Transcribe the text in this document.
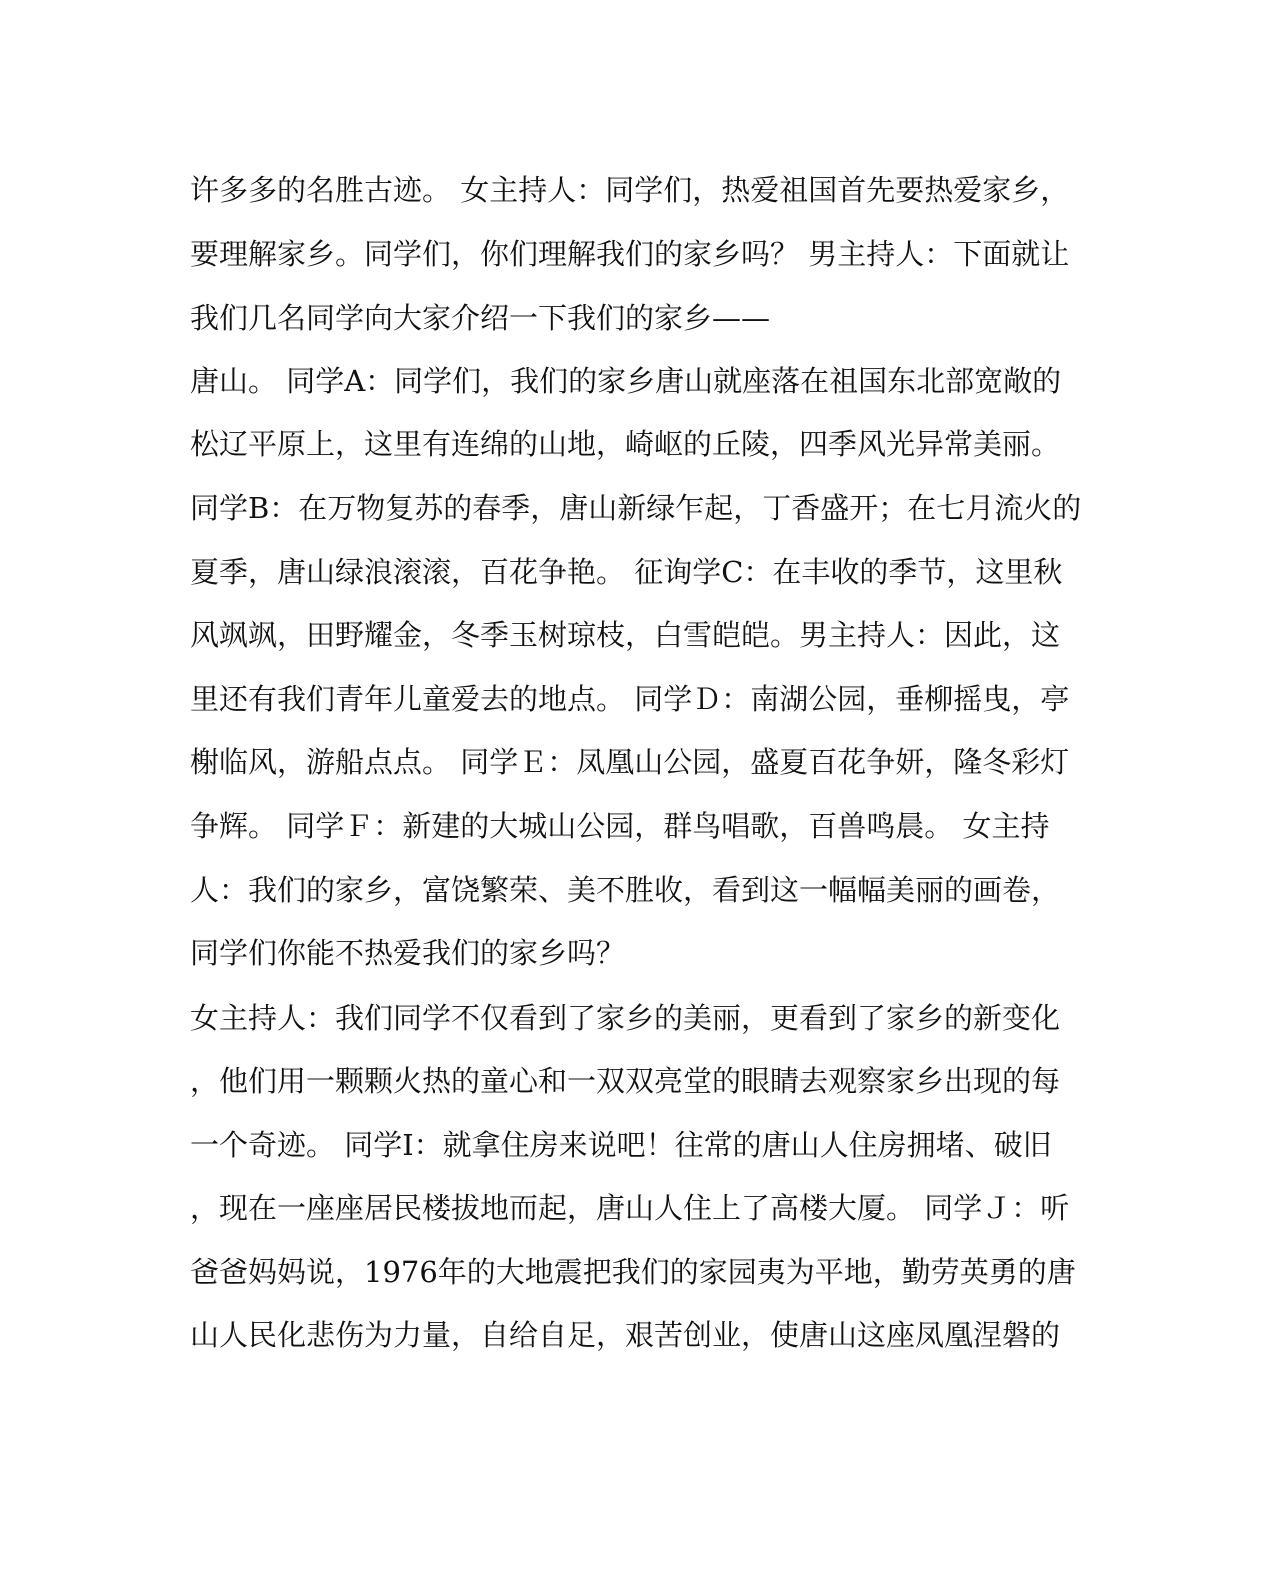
许多多的名胜古迹。 女主持人：同学们，热爱祖国首先要热爱家乡，
要理解家乡。同学们，你们理解我们的家乡吗？ 男主持人：下面就让
我们几名同学向大家介绍一下我们的家乡——
唐山。 同学A：同学们，我们的家乡唐山就座落在祖国东北部宽敞的
松辽平原上，这里有连绵的山地，崎岖的丘陵，四季风光异常美丽。
同学B：在万物复苏的春季，唐山新绿乍起，丁香盛开；在七月流火的
夏季，唐山绿浪滚滚，百花争艳。 征询学C：在丰收的季节，这里秋
风飒飒，田野耀金，冬季玉树琼枝，白雪皑皑。男主持人：因此，这
里还有我们青年儿童爱去的地点。 同学Ｄ：南湖公园，垂柳摇曳，亭
榭临风，游船点点。 同学Ｅ：凤凰山公园，盛夏百花争妍，隆冬彩灯
争辉。 同学Ｆ：新建的大城山公园，群鸟唱歌，百兽鸣晨。 女主持
人：我们的家乡，富饶繁荣、美不胜收，看到这一幅幅美丽的画卷，
同学们你能不热爱我们的家乡吗？
女主持人：我们同学不仅看到了家乡的美丽，更看到了家乡的新变化
，他们用一颗颗火热的童心和一双双亮堂的眼睛去观察家乡出现的每
一个奇迹。 同学I：就拿住房来说吧！往常的唐山人住房拥堵、破旧
，现在一座座居民楼拔地而起，唐山人住上了高楼大厦。 同学Ｊ：听
爸爸妈妈说，1976年的大地震把我们的家园夷为平地，勤劳英勇的唐
山人民化悲伤为力量，自给自足，艰苦创业，使唐山这座凤凰涅磐的
